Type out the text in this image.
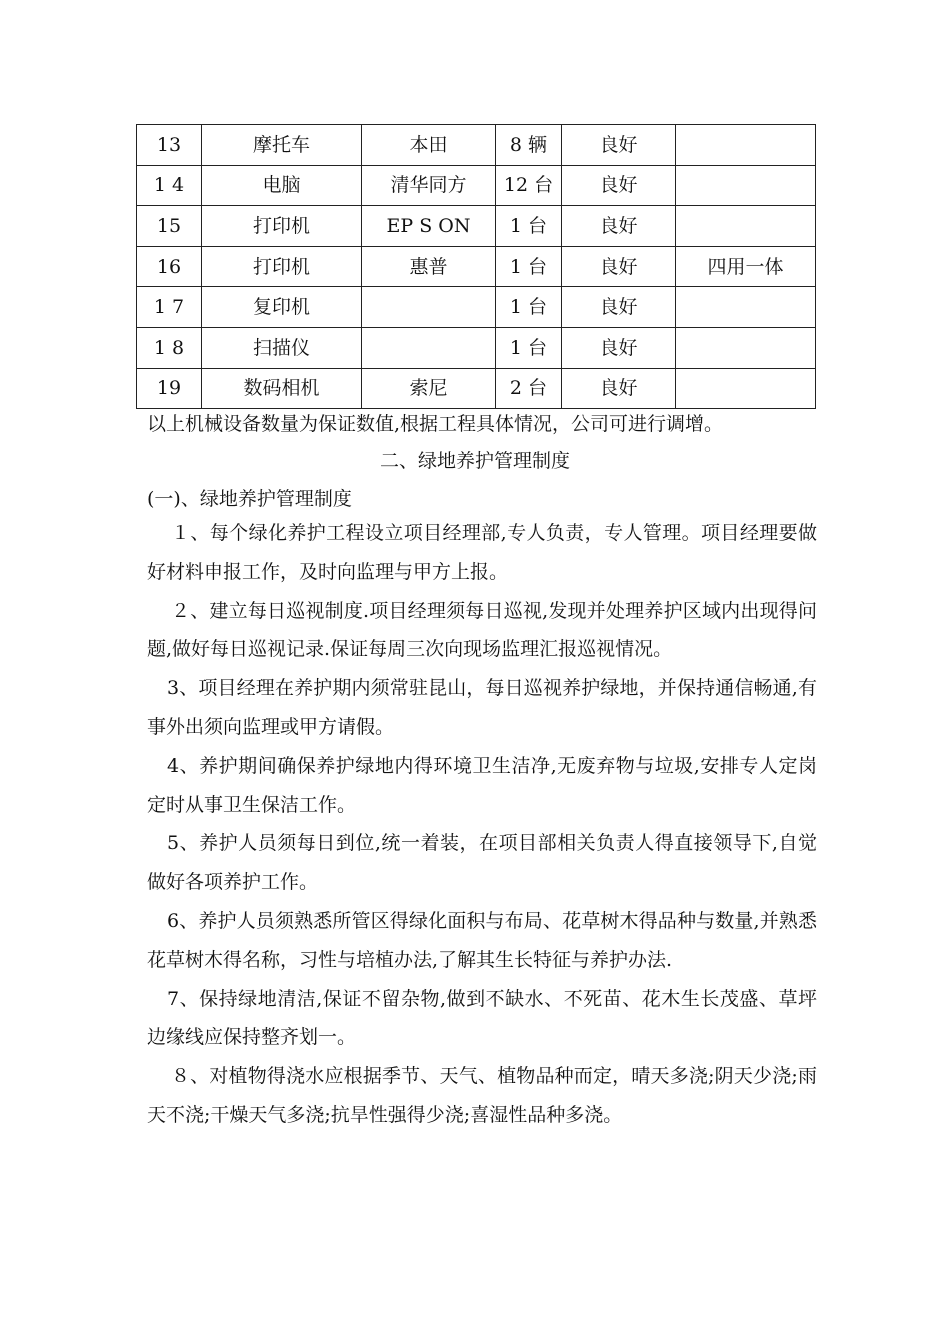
13	摩托车	本田	8 辆	良好	
1 4	电脑	清华同方	12 台	良好	
15	打印机	EP S ON	1 台	良好	
16	打印机	惠普	1 台	良好	四用一体
1 7	复印机		1 台	良好	
1 8	扫描仪		1 台	良好	
19	数码相机	索尼	2 台	良好	
以上机械设备数量为保证数值,根据工程具体情况，公司可进行调增。
二、绿地养护管理制度
(一)、绿地养护管理制度

１、每个绿化养护工程设立项目经理部,专人负责，专人管理。项目经理要做好材料申报工作，及时向监理与甲方上报。

２、建立每日巡视制度.项目经理须每日巡视,发现并处理养护区域内出现得问题,做好每日巡视记录.保证每周三次向现场监理汇报巡视情况。

3、项目经理在养护期内须常驻昆山，每日巡视养护绿地，并保持通信畅通,有事外出须向监理或甲方请假。

4、养护期间确保养护绿地内得环境卫生洁净,无废弃物与垃圾,安排专人定岗定时从事卫生保洁工作。

5、养护人员须每日到位,统一着装，在项目部相关负责人得直接领导下,自觉做好各项养护工作。

6、养护人员须熟悉所管区得绿化面积与布局、花草树木得品种与数量,并熟悉花草树木得名称，习性与培植办法,了解其生长特征与养护办法.

7、保持绿地清洁,保证不留杂物,做到不缺水、不死苗、花木生长茂盛、草坪边缘线应保持整齐划一。

８、对植物得浇水应根据季节、天气、植物品种而定，晴天多浇;阴天少浇;雨天不浇;干燥天气多浇;抗旱性强得少浇;喜湿性品种多浇。
